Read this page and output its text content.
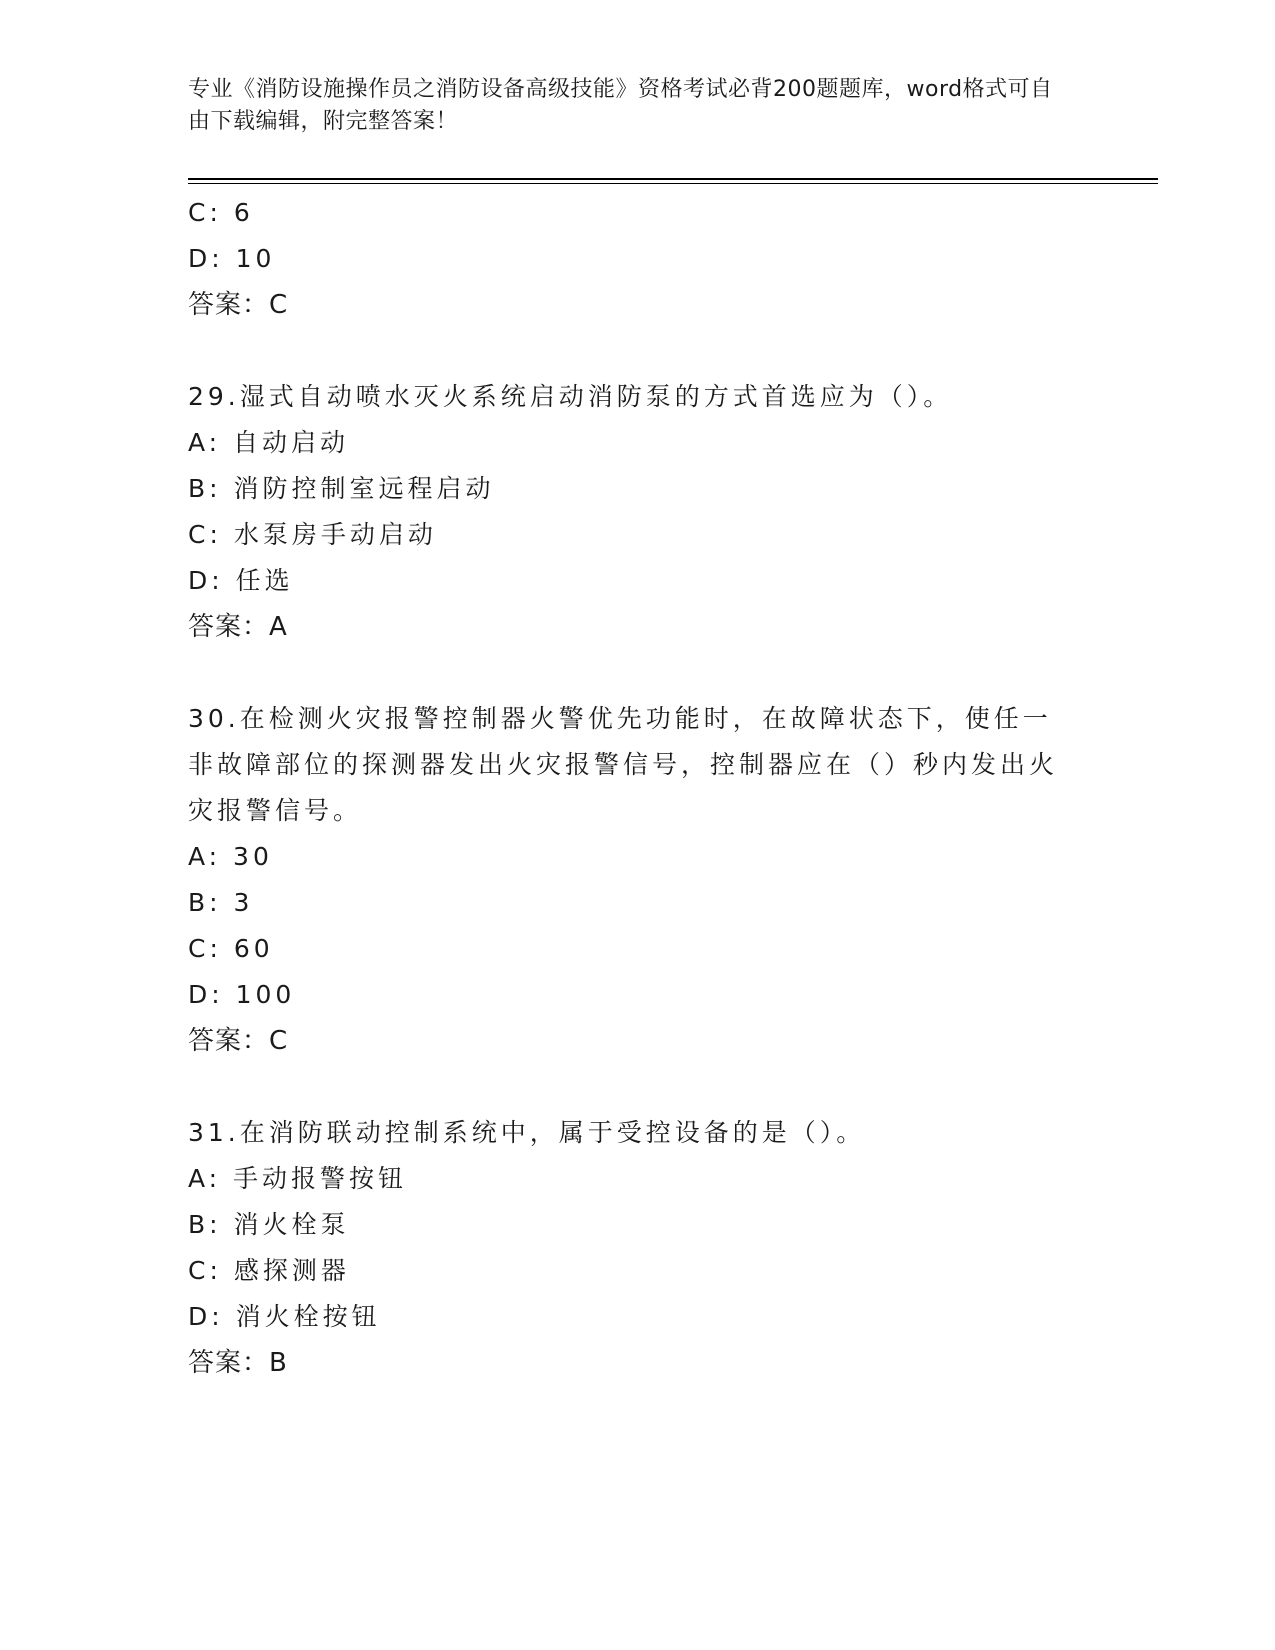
专业《消防设施操作员之消防设备高级技能》资格考试必背200题题库，word格式可自由下载编辑，附完整答案！
C: 6
D: 10
答案：C
29.湿式自动喷水灭火系统启动消防泵的方式首选应为（）。
A: 自动启动
B: 消防控制室远程启动
C: 水泵房手动启动
D: 任选
答案：A
30.在检测火灾报警控制器火警优先功能时，在故障状态下，使任一非故障部位的探测器发出火灾报警信号，控制器应在（）秒内发出火灾报警信号。
A: 30
B: 3
C: 60
D: 100
答案：C
31.在消防联动控制系统中，属于受控设备的是（）。
A: 手动报警按钮
B: 消火栓泵
C: 感探测器
D: 消火栓按钮
答案：B
